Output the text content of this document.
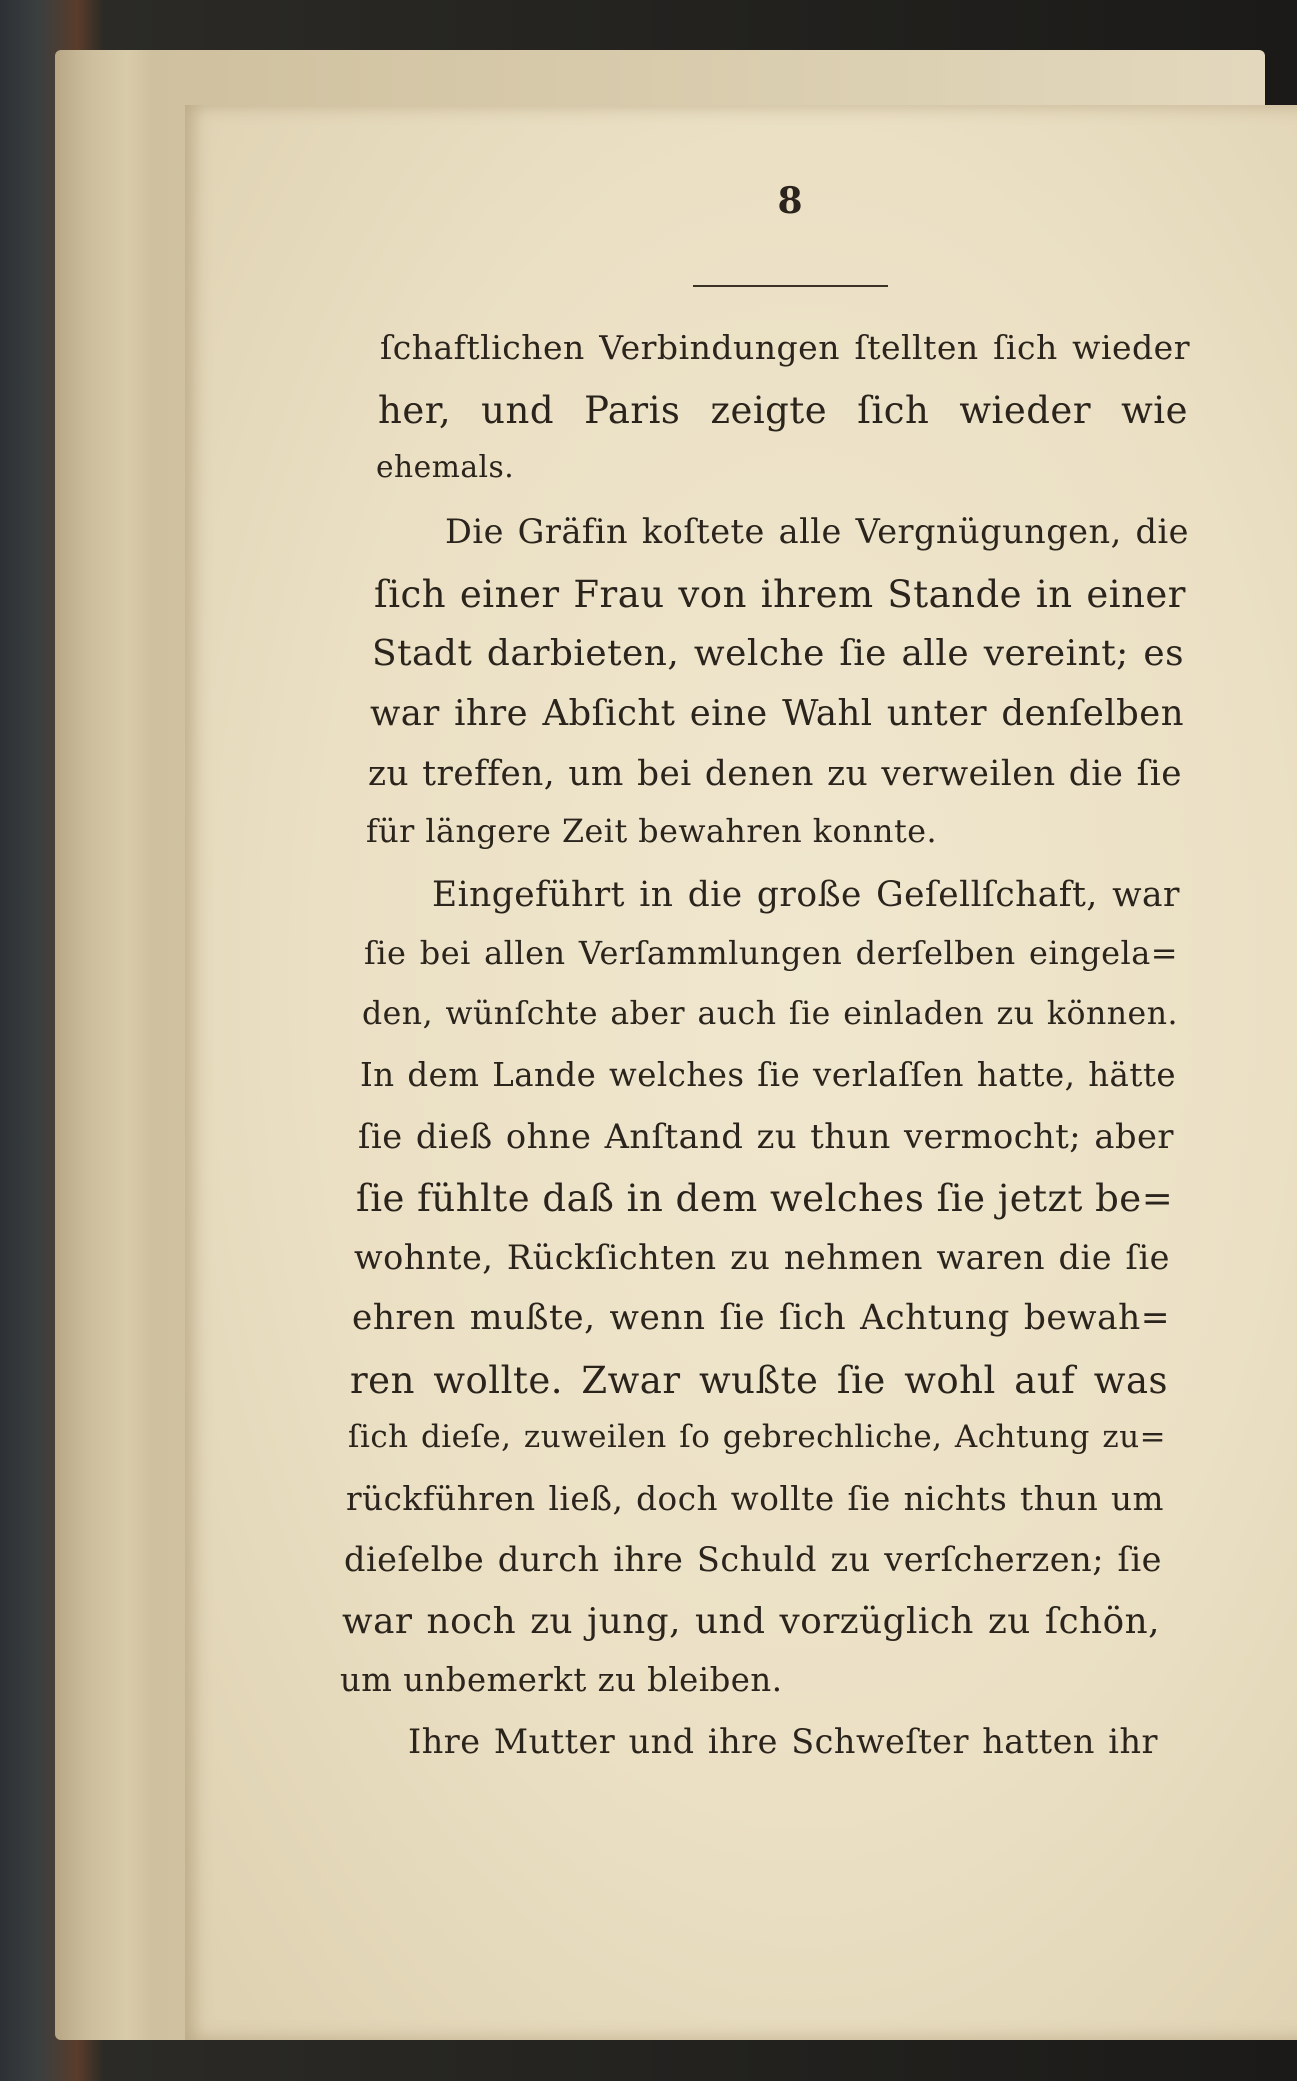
8
ſchaftlichen Verbindungen ſtellten ſich wieder
her, und Paris zeigte ſich wieder wie
ehemals.
Die Gräfin koſtete alle Vergnügungen, die
ſich einer Frau von ihrem Stande in einer
Stadt darbieten, welche ſie alle vereint; es
war ihre Abſicht eine Wahl unter denſelben
zu treffen, um bei denen zu verweilen die ſie
für längere Zeit bewahren konnte.
Eingeführt in die große Geſellſchaft, war
ſie bei allen Verſammlungen derſelben eingela=
den, wünſchte aber auch ſie einladen zu können.
In dem Lande welches ſie verlaſſen hatte, hätte
ſie dieß ohne Anſtand zu thun vermocht; aber
ſie fühlte daß in dem welches ſie jetzt be=
wohnte, Rückſichten zu nehmen waren die ſie
ehren mußte, wenn ſie ſich Achtung bewah=
ren wollte. Zwar wußte ſie wohl auf was
ſich dieſe, zuweilen ſo gebrechliche, Achtung zu=
rückführen ließ, doch wollte ſie nichts thun um
dieſelbe durch ihre Schuld zu verſcherzen; ſie
war noch zu jung, und vorzüglich zu ſchön,
um unbemerkt zu bleiben.
Ihre Mutter und ihre Schweſter hatten ihr
